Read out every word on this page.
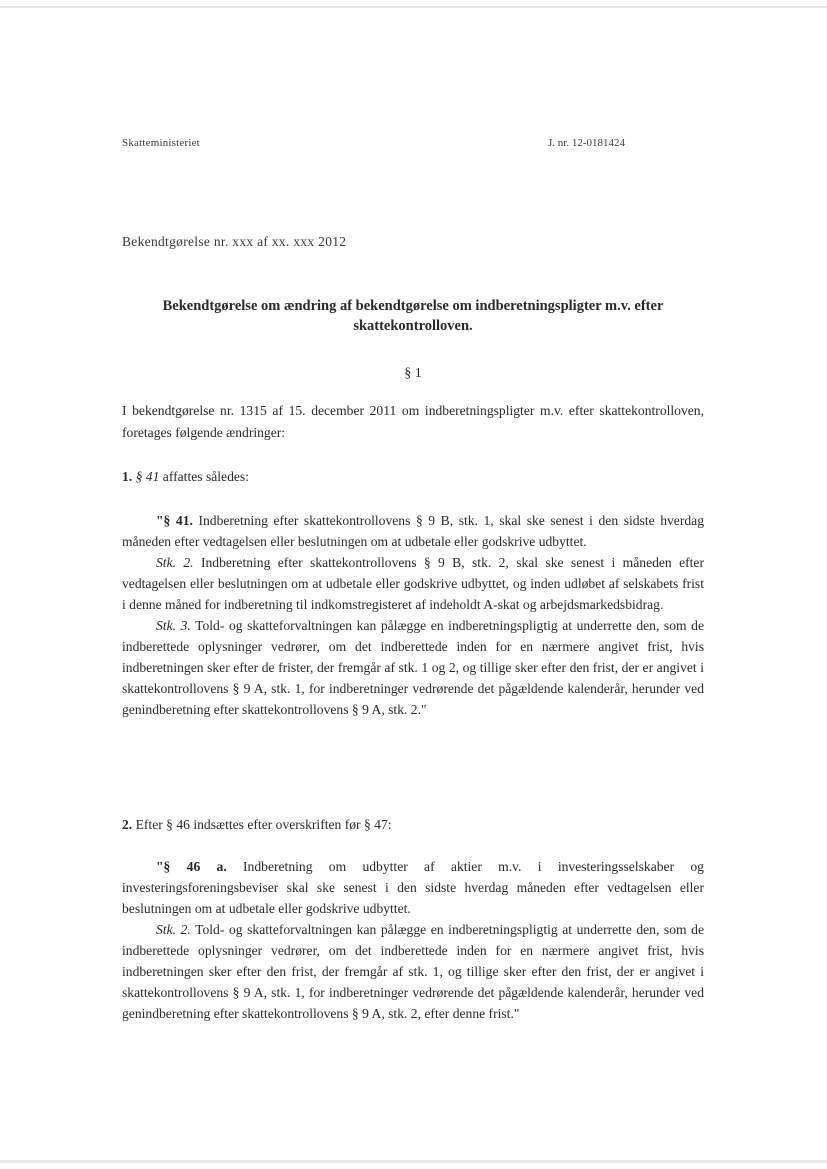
Skatteministeriet	J. nr. 12-0181424
Bekendtgørelse nr. xxx af xx. xxx 2012
Bekendtgørelse om ændring af bekendtgørelse om indberetningspligter m.v. efter skattekontrolloven.
§ 1
I bekendtgørelse nr. 1315 af 15. december 2011 om indberetningspligter m.v. efter skattekontrolloven, foretages følgende ændringer:
1. § 41 affattes således:

"§ 41. Indberetning efter skattekontrollovens § 9 B, stk. 1, skal ske senest i den sidste hverdag måneden efter vedtagelsen eller beslutningen om at udbetale eller godskrive udbyttet.

Stk. 2. Indberetning efter skattekontrollovens § 9 B, stk. 2, skal ske senest i måneden efter vedtagelsen eller beslutningen om at udbetale eller godskrive udbyttet, og inden udløbet af selskabets frist i denne måned for indberetning til indkomstregisteret af indeholdt A-skat og arbejdsmarkedsbidrag.

Stk. 3. Told- og skatteforvaltningen kan pålægge en indberetningspligtig at underrette den, som de indberettede oplysninger vedrører, om det indberettede inden for en nærmere angivet frist, hvis indberetningen sker efter de frister, der fremgår af stk. 1 og 2, og tillige sker efter den frist, der er angivet i skattekontrollovens § 9 A, stk. 1, for indberetninger vedrørende det pågældende kalenderår, herunder ved genindberetning efter skattekontrollovens § 9 A, stk. 2."

2. Efter § 46 indsættes efter overskriften før § 47:

"§ 46 a. Indberetning om udbytter af aktier m.v. i investeringsselskaber og investeringsforeningsbeviser skal ske senest i den sidste hverdag måneden efter vedtagelsen eller beslutningen om at udbetale eller godskrive udbyttet.

Stk. 2. Told- og skatteforvaltningen kan pålægge en indberetningspligtig at underrette den, som de indberettede oplysninger vedrører, om det indberettede inden for en nærmere angivet frist, hvis indberetningen sker efter den frist, der fremgår af stk. 1, og tillige sker efter den frist, der er angivet i skattekontrollovens § 9 A, stk. 1, for indberetninger vedrørende det pågældende kalenderår, herunder ved genindberetning efter skattekontrollovens § 9 A, stk. 2, efter denne frist."
